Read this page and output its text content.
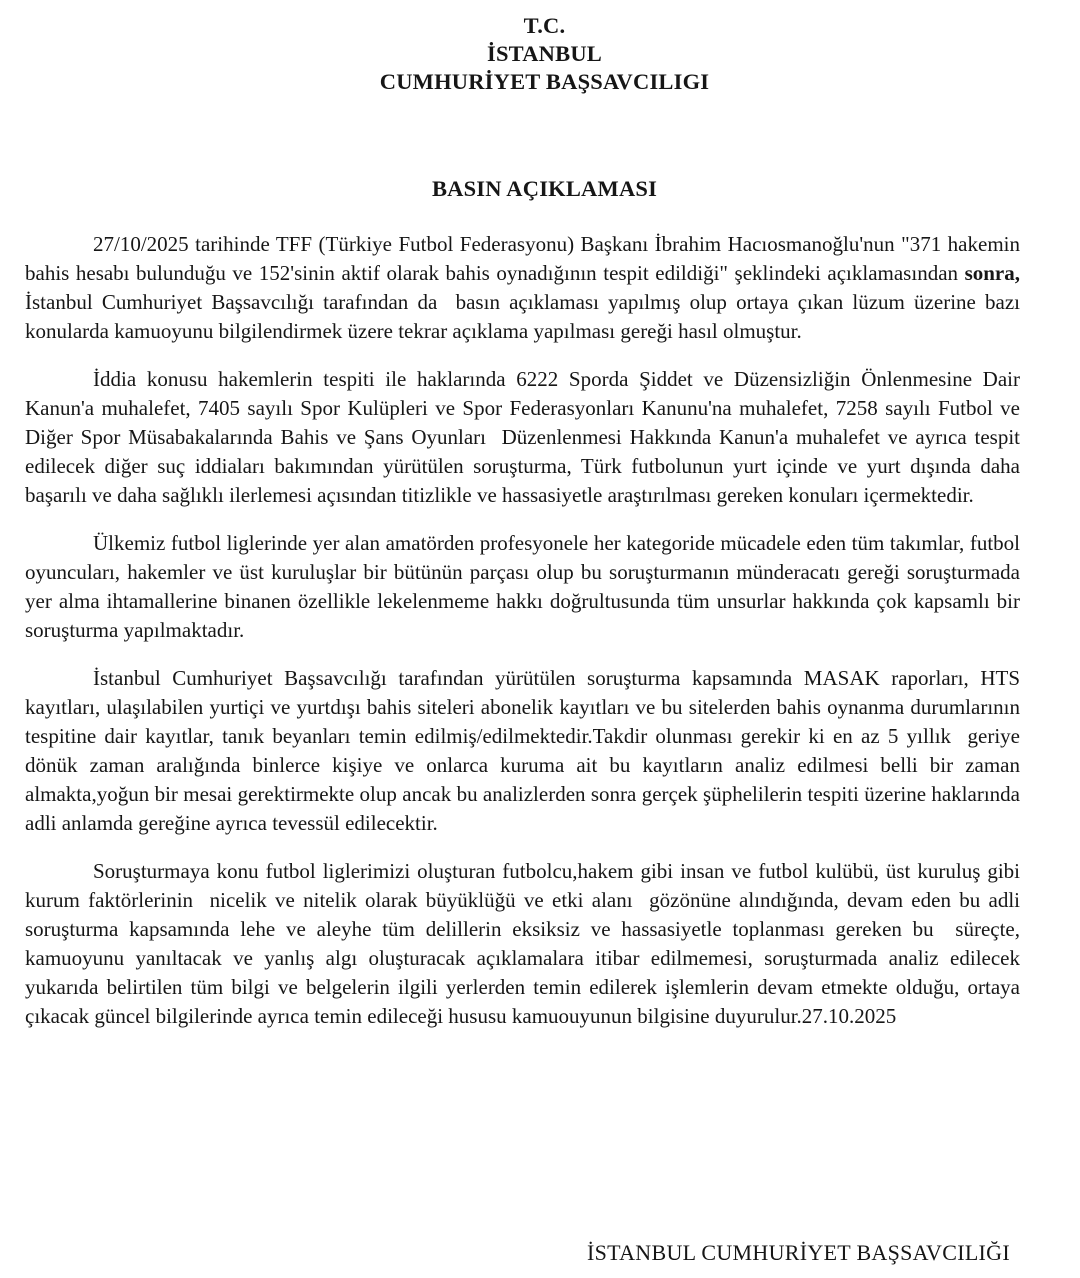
T.C.
İSTANBUL
CUMHURİYET BAŞSAVCILIGI
BASIN AÇIKLAMASI

27/10/2025 tarihinde TFF (Türkiye Futbol Federasyonu) Başkanı İbrahim Hacıosmanoğlu'nun "371 hakemin bahis hesabı bulunduğu ve 152'sinin aktif olarak bahis oynadığının tespit edildiği" şeklindeki açıklamasından sonra, İstanbul Cumhuriyet Başsavcılığı tarafından da  basın açıklaması yapılmış olup ortaya çıkan lüzum üzerine bazı konularda kamuoyunu bilgilendirmek üzere tekrar açıklama yapılması gereği hasıl olmuştur.

İddia konusu hakemlerin tespiti ile haklarında 6222 Sporda Şiddet ve Düzensizliğin Önlenmesine Dair Kanun'a muhalefet, 7405 sayılı Spor Kulüpleri ve Spor Federasyonları Kanunu'na muhalefet, 7258 sayılı Futbol ve Diğer Spor Müsabakalarında Bahis ve Şans Oyunları  Düzenlenmesi Hakkında Kanun'a muhalefet ve ayrıca tespit edilecek diğer suç iddiaları bakımından yürütülen soruşturma, Türk futbolunun yurt içinde ve yurt dışında daha başarılı ve daha sağlıklı ilerlemesi açısından titizlikle ve hassasiyetle araştırılması gereken konuları içermektedir.

Ülkemiz futbol liglerinde yer alan amatörden profesyonele her kategoride mücadele eden tüm takımlar, futbol oyuncuları, hakemler ve üst kuruluşlar bir bütünün parçası olup bu soruşturmanın münderacatı gereği soruşturmada  yer alma ihtamallerine binanen özellikle lekelenmeme hakkı doğrultusunda tüm unsurlar hakkında çok kapsamlı bir soruşturma yapılmaktadır.

İstanbul Cumhuriyet Başsavcılığı tarafından yürütülen soruşturma kapsamında MASAK raporları, HTS kayıtları, ulaşılabilen yurtiçi ve yurtdışı bahis siteleri abonelik kayıtları ve bu sitelerden bahis oynanma durumlarının tespitine dair kayıtlar, tanık beyanları temin edilmiş/edilmektedir.Takdir olunması gerekir ki en az 5 yıllık  geriye dönük zaman aralığında binlerce kişiye ve onlarca kuruma ait bu kayıtların analiz edilmesi belli bir zaman almakta,yoğun bir mesai gerektirmekte olup ancak bu analizlerden sonra gerçek şüphelilerin tespiti üzerine haklarında adli anlamda gereğine ayrıca tevessül edilecektir.

Soruşturmaya konu futbol liglerimizi oluşturan futbolcu,hakem gibi insan ve futbol kulübü, üst kuruluş gibi kurum faktörlerinin  nicelik ve nitelik olarak büyüklüğü ve etki alanı  gözönüne alındığında, devam eden bu adli soruşturma kapsamında lehe ve aleyhe tüm delillerin eksiksiz ve hassasiyetle toplanması gereken bu  süreçte, kamuoyunu yanıltacak ve yanlış algı oluşturacak açıklamalara itibar edilmemesi, soruşturmada analiz edilecek yukarıda belirtilen tüm bilgi ve belgelerin ilgili yerlerden temin edilerek işlemlerin devam etmekte olduğu, ortaya çıkacak güncel bilgilerinde ayrıca temin edileceği hususu kamuouyunun bilgisine duyurulur.27.10.2025

İSTANBUL CUMHURİYET BAŞSAVCILIĞI
